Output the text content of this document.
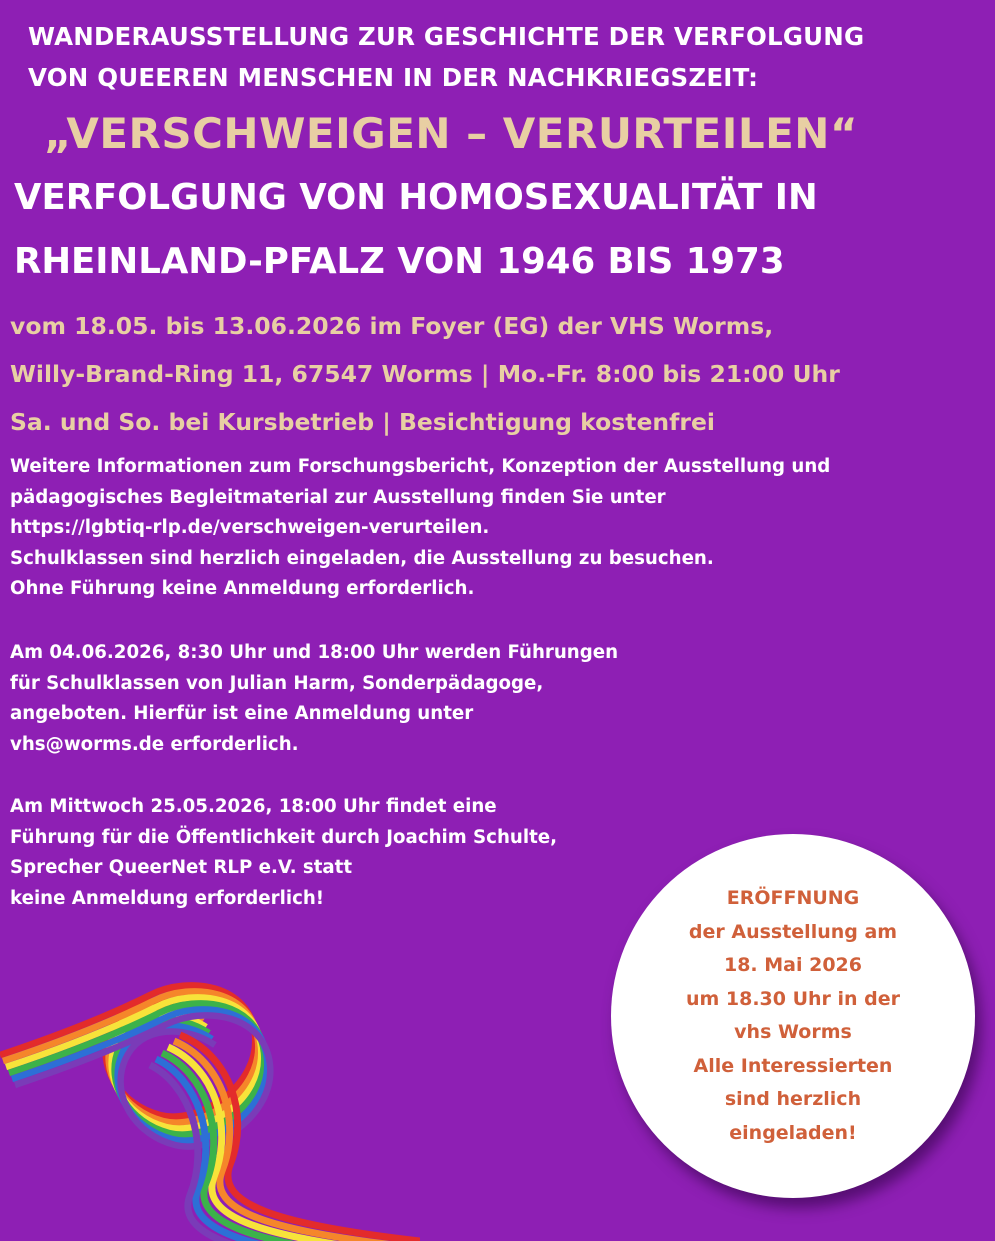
WANDERAUSSTELLUNG ZUR GESCHICHTE DER VERFOLGUNG
VON QUEEREN MENSCHEN IN DER NACHKRIEGSZEIT:
„VERSCHWEIGEN – VERURTEILEN“
VERFOLGUNG VON HOMOSEXUALITÄT IN
RHEINLAND-PFALZ VON 1946 BIS 1973
vom 18.05. bis 13.06.2026 im Foyer (EG) der VHS Worms,
Willy-Brand-Ring 11, 67547 Worms | Mo.-Fr. 8:00 bis 21:00 Uhr
Sa. und So. bei Kursbetrieb | Besichtigung kostenfrei
Weitere Informationen zum Forschungsbericht, Konzeption der Ausstellung und
pädagogisches Begleitmaterial zur Ausstellung finden Sie unter
https://lgbtiq-rlp.de/verschweigen-verurteilen.
Schulklassen sind herzlich eingeladen, die Ausstellung zu besuchen.
Ohne Führung keine Anmeldung erforderlich.
Am 04.06.2026, 8:30 Uhr und 18:00 Uhr werden Führungen
für Schulklassen von Julian Harm, Sonderpädagoge,
angeboten. Hierfür ist eine Anmeldung unter
vhs@worms.de erforderlich.
Am Mittwoch 25.05.2026, 18:00 Uhr findet eine
Führung für die Öffentlichkeit durch Joachim Schulte,
Sprecher QueerNet RLP e.V. statt
keine Anmeldung erforderlich!	ERÖFFNUNG
der Ausstellung am
18. Mai 2026
um 18.30 Uhr in der
vhs Worms
Alle Interessierten
sind herzlich
eingeladen!
